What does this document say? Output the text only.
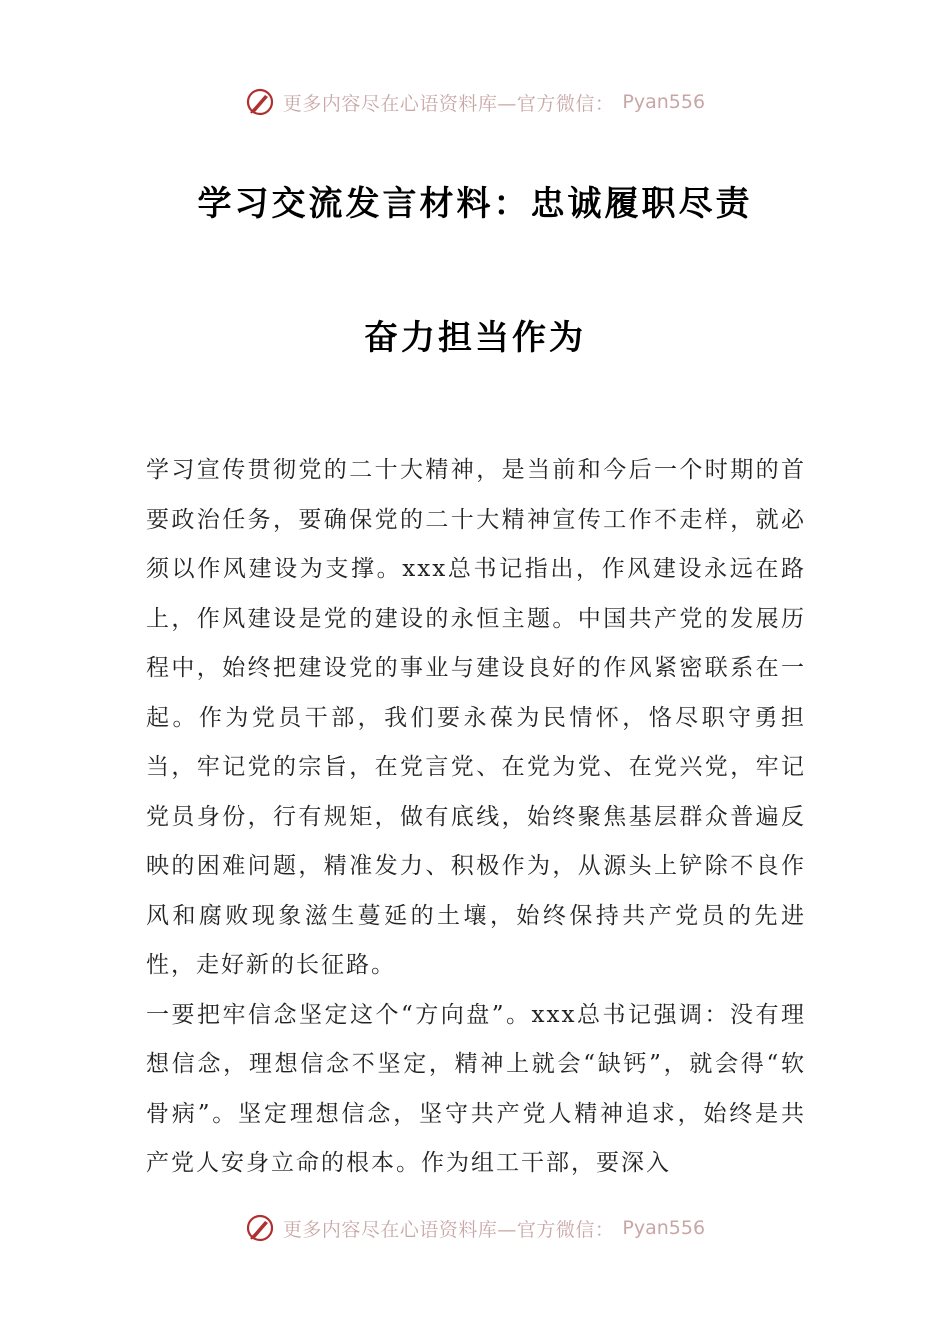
更多内容尽在心语资料库—官方微信： Pyan556
学习交流发言材料：忠诚履职尽责
奋力担当作为

学习宣传贯彻党的二十大精神，是当前和今后一个时期的首要政治任务，要确保党的二十大精神宣传工作不走样，就必须以作风建设为支撑。xxx总书记指出，作风建设永远在路上，作风建设是党的建设的永恒主题。中国共产党的发展历程中，始终把建设党的事业与建设良好的作风紧密联系在一起。作为党员干部，我们要永葆为民情怀，恪尽职守勇担当，牢记党的宗旨，在党言党、在党为党、在党兴党，牢记党员身份，行有规矩，做有底线，始终聚焦基层群众普遍反映的困难问题，精准发力、积极作为，从源头上铲除不良作风和腐败现象滋生蔓延的土壤，始终保持共产党员的先进性，走好新的长征路。

一要把牢信念坚定这个“方向盘”。xxx总书记强调：没有理想信念，理想信念不坚定，精神上就会“缺钙”，就会得“软骨病”。坚定理想信念，坚守共产党人精神追求，始终是共产党人安身立命的根本。作为组工干部，要深入

更多内容尽在心语资料库—官方微信： Pyan556
